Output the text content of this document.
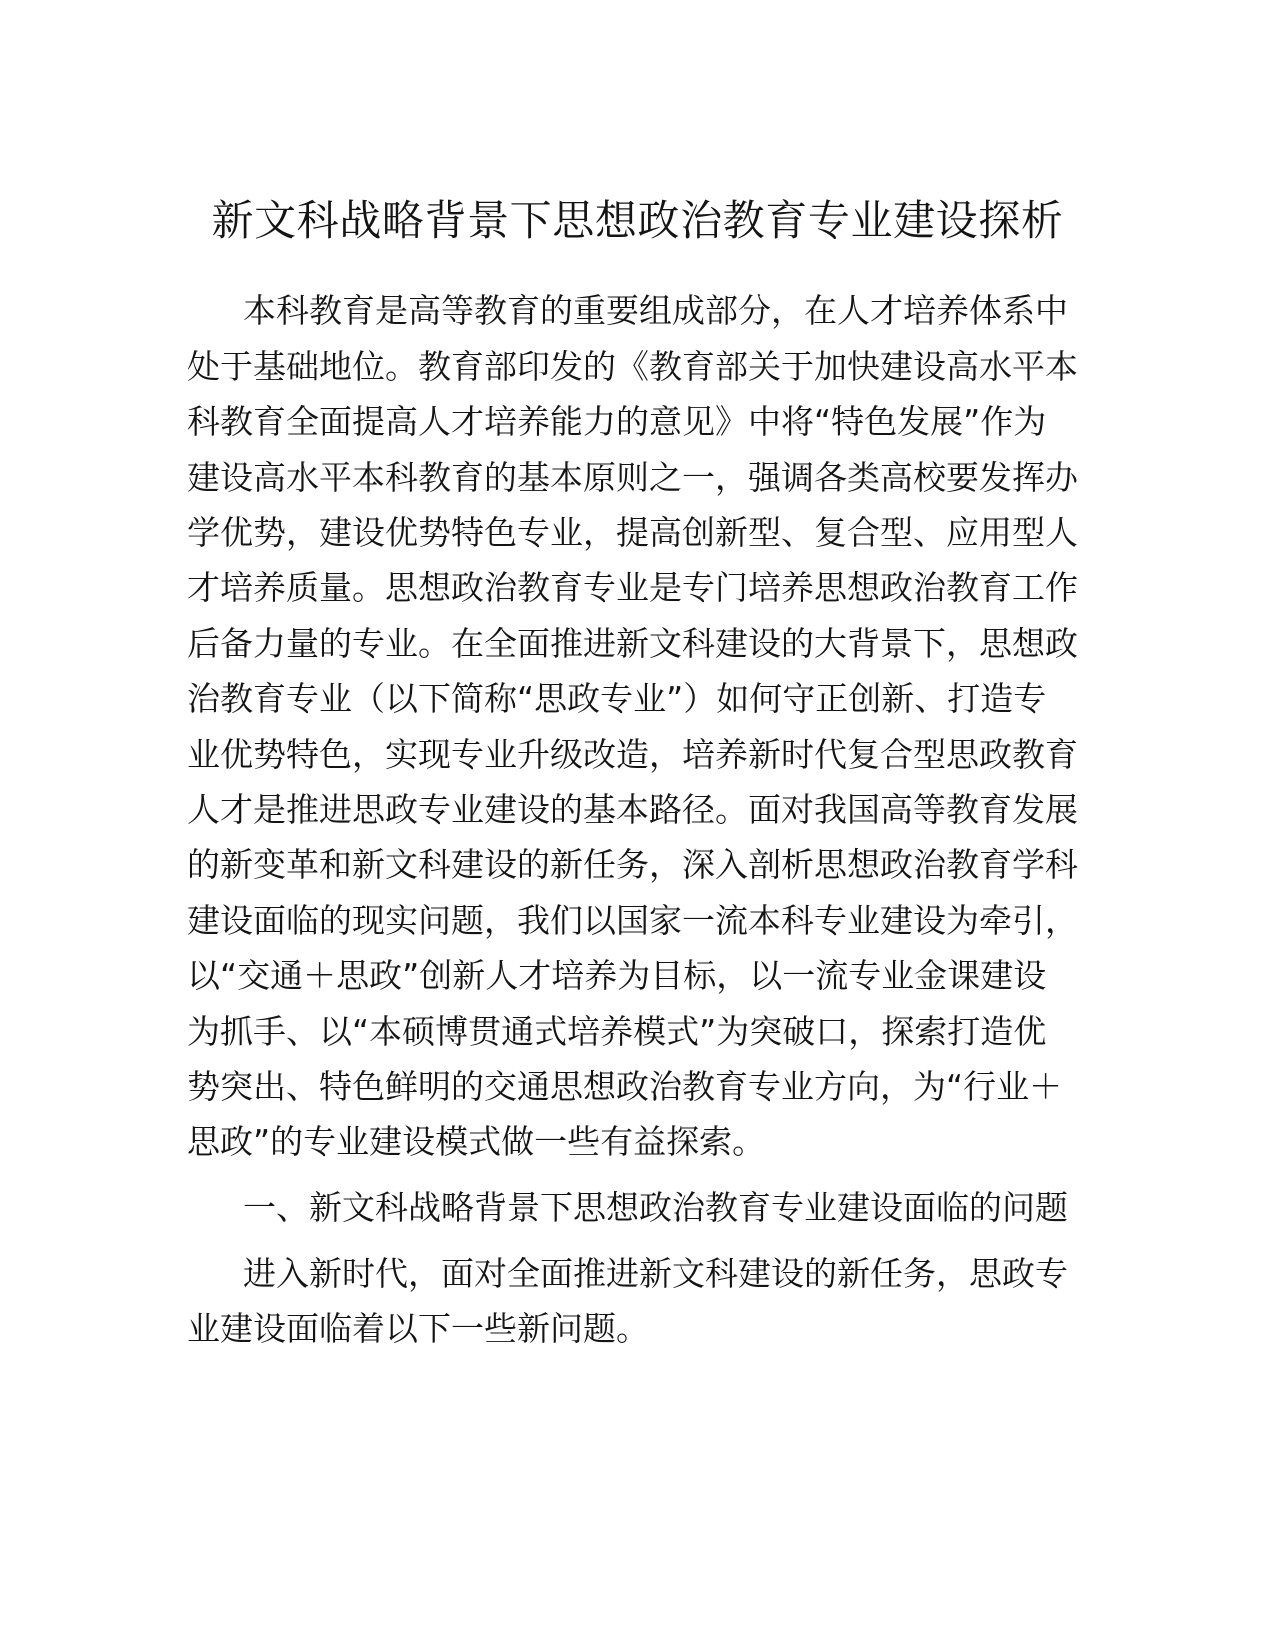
新文科战略背景下思想政治教育专业建设探析

本科教育是高等教育的重要组成部分，在人才培养体系中

处于基础地位。教育部印发的《教育部关于加快建设高水平本

科教育全面提高人才培养能力的意见》中将“特色发展”作为

建设高水平本科教育的基本原则之一，强调各类高校要发挥办

学优势，建设优势特色专业，提高创新型、复合型、应用型人

才培养质量。思想政治教育专业是专门培养思想政治教育工作

后备力量的专业。在全面推进新文科建设的大背景下，思想政

治教育专业（以下简称“思政专业”）如何守正创新、打造专

业优势特色，实现专业升级改造，培养新时代复合型思政教育

人才是推进思政专业建设的基本路径。面对我国高等教育发展

的新变革和新文科建设的新任务，深入剖析思想政治教育学科

建设面临的现实问题，我们以国家一流本科专业建设为牵引，

以“交通＋思政”创新人才培养为目标，以一流专业金课建设

为抓手、以“本硕博贯通式培养模式”为突破口，探索打造优

势突出、特色鲜明的交通思想政治教育专业方向，为“行业＋

思政”的专业建设模式做一些有益探索。

一、新文科战略背景下思想政治教育专业建设面临的问题

进入新时代，面对全面推进新文科建设的新任务，思政专

业建设面临着以下一些新问题。
